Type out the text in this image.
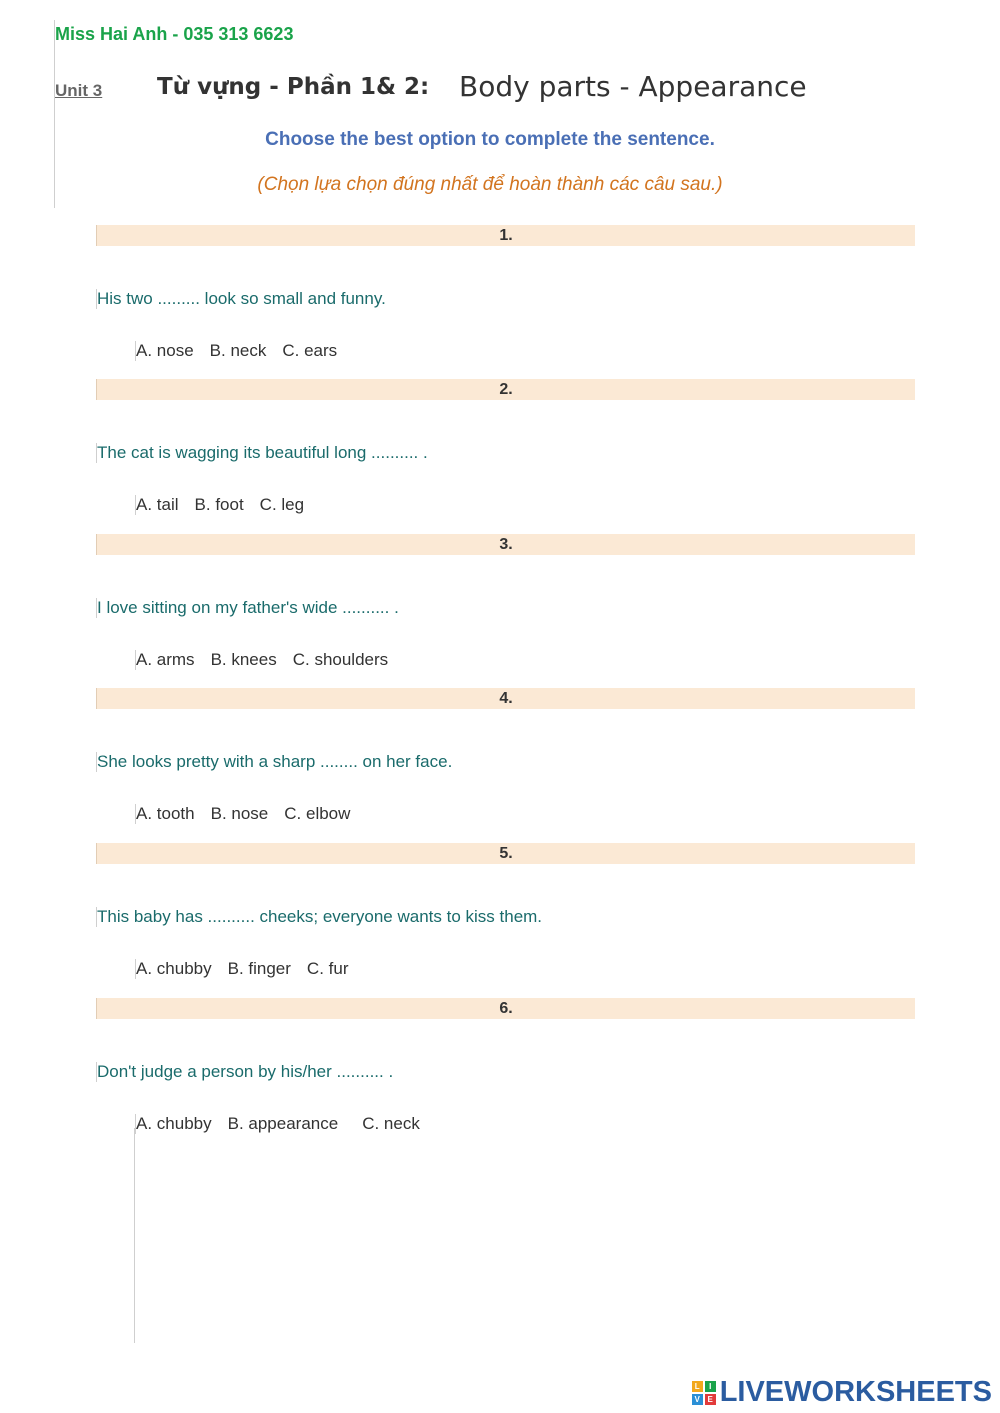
Miss Hai Anh - 035 313 6623
Unit 3 Từ vựng - Phần 1& 2: Body parts - Appearance
Choose the best option to complete the sentence.
(Chọn lựa chọn đúng nhất để hoàn thành các câu sau.)
1.
His two ......... look so small and funny.
A. nose B. neck C. ears
2.
The cat is wagging its beautiful long .......... .
A. tail B. foot C. leg
3.
I love sitting on my father's wide .......... .
A. arms B. knees C. shoulders
4.
She looks pretty with a sharp ........ on her face.
A. tooth B. nose C. elbow
5.
This baby has .......... cheeks; everyone wants to kiss them.
A. chubby B. finger C. fur
6.
Don't judge a person by his/her .......... .
A. chubby B. appearance C. neck
L	I
V E LIVEWORKSHEETS
